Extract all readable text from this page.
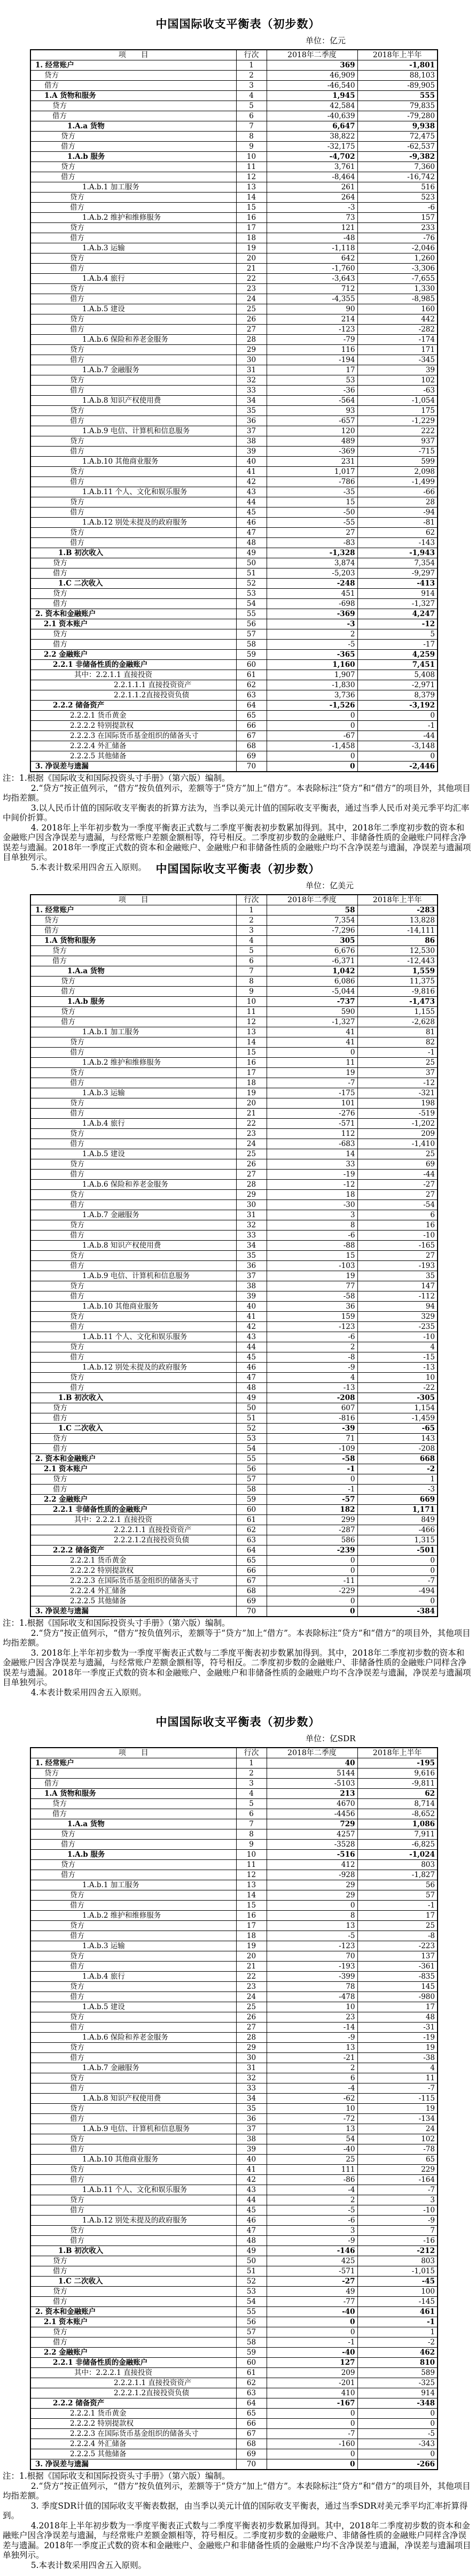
中国国际收支平衡表（初步数）
单位：亿元
项　　目	行次	2018年二季度	2018年上半年
1. 经常账户	1	369	-1,801
贷方	2	46,909	88,103
借方	3	-46,540	-89,905
1.A 货物和服务	4	1,945	555
贷方	5	42,584	79,835
借方	6	-40,639	-79,280
1.A.a 货物	7	6,647	9,938
贷方	8	38,822	72,475
借方	9	-32,175	-62,537
1.A.b 服务	10	-4,702	-9,382
贷方	11	3,761	7,360
借方	12	-8,464	-16,742
1.A.b.1 加工服务	13	261	516
贷方	14	264	523
借方	15	-3	-6
1.A.b.2 维护和维修服务	16	73	157
贷方	17	121	233
借方	18	-48	-76
1.A.b.3 运输	19	-1,118	-2,046
贷方	20	642	1,260
借方	21	-1,760	-3,306
1.A.b.4 旅行	22	-3,643	-7,655
贷方	23	712	1,330
借方	24	-4,355	-8,985
1.A.b.5 建设	25	90	160
贷方	26	214	442
借方	27	-123	-282
1.A.b.6 保险和养老金服务	28	-79	-174
贷方	29	116	171
借方	30	-194	-345
1.A.b.7 金融服务	31	17	39
贷方	32	53	102
借方	33	-36	-63
1.A.b.8 知识产权使用费	34	-564	-1,054
贷方	35	93	175
借方	36	-657	-1,229
1.A.b.9 电信、计算机和信息服务	37	120	222
贷方	38	489	937
借方	39	-369	-715
1.A.b.10 其他商业服务	40	231	599
贷方	41	1,017	2,098
借方	42	-786	-1,499
1.A.b.11 个人、文化和娱乐服务	43	-35	-66
贷方	44	15	28
借方	45	-50	-94
1.A.b.12 别处未提及的政府服务	46	-55	-81
贷方	47	27	62
借方	48	-83	-143
1.B 初次收入	49	-1,328	-1,943
贷方	50	3,874	7,354
借方	51	-5,203	-9,297
1.C 二次收入	52	-248	-413
贷方	53	451	914
借方	54	-698	-1,327
2. 资本和金融账户	55	-369	4,247
2.1 资本账户	56	-3	-12
贷方	57	2	5
借方	58	-5	-17
2.2 金融账户	59	-365	4,259
2.2.1 非储备性质的金融账户	60	1,160	7,451
其中：2.2.1.1 直接投资	61	1,907	5,408
2.2.1.1.1 直接投资资产	62	-1,830	-2,971
2.2.1.1.2直接投资负债	63	3,736	8,379
2.2.2 储备资产	64	-1,526	-3,192
2.2.2.1 货币黄金	65	0	0
2.2.2.2 特别提款权	66	0	-1
2.2.2.3 在国际货币基金组织的储备头寸	67	-67	-44
2.2.2.4 外汇储备	68	-1,458	-3,148
2.2.2.5 其他储备	69	0	0
3. 净误差与遗漏	70	0	-2,446

注：1.根据《国际收支和国际投资头寸手册》（第六版）编制。

2.“贷方”按正值列示，“借方”按负值列示，差额等于“贷方”加上“借方”。本表除标注“贷方”和“借方”的项目外，其他项目均指差额。

3.以人民币计值的国际收支平衡表的折算方法为，当季以美元计值的国际收支平衡表，通过当季人民币对美元季平均汇率中间价折算。

4. 2018年上半年初步数为一季度平衡表正式数与二季度平衡表初步数累加得到。其中，2018年二季度初步数的资本和金融账户因含净误差与遗漏，与经常账户差额金额相等，符号相反。二季度初步数的金融账户、非储备性质的金融账户同样含净误差与遗漏。2018年一季度正式数的资本和金融账户、金融账户和非储备性质的金融账户均不含净误差与遗漏，净误差与遗漏项目单独列示。

5.本表计数采用四舍五入原则。 中国国际收支平衡表（初步数）
单位：亿美元
项　　目	行次	2018年二季度	2018年上半年
1. 经常账户	1	58	-283
贷方	2	7,354	13,828
借方	3	-7,296	-14,111
1.A 货物和服务	4	305	86
贷方	5	6,676	12,530
借方	6	-6,371	-12,443
1.A.a 货物	7	1,042	1,559
贷方	8	6,086	11,375
借方	9	-5,044	-9,816
1.A.b 服务	10	-737	-1,473
贷方	11	590	1,155
借方	12	-1,327	-2,628
1.A.b.1 加工服务	13	41	81
贷方	14	41	82
借方	15	0	-1
1.A.b.2 维护和维修服务	16	11	25
贷方	17	19	37
借方	18	-7	-12
1.A.b.3 运输	19	-175	-321
贷方	20	101	198
借方	21	-276	-519
1.A.b.4 旅行	22	-571	-1,202
贷方	23	112	209
借方	24	-683	-1,410
1.A.b.5 建设	25	14	25
贷方	26	33	69
借方	27	-19	-44
1.A.b.6 保险和养老金服务	28	-12	-27
贷方	29	18	27
借方	30	-30	-54
1.A.b.7 金融服务	31	3	6
贷方	32	8	16
借方	33	-6	-10
1.A.b.8 知识产权使用费	34	-88	-165
贷方	35	15	27
借方	36	-103	-193
1.A.b.9 电信、计算机和信息服务	37	19	35
贷方	38	77	147
借方	39	-58	-112
1.A.b.10 其他商业服务	40	36	94
贷方	41	159	329
借方	42	-123	-235
1.A.b.11 个人、文化和娱乐服务	43	-6	-10
贷方	44	2	4
借方	45	-8	-15
1.A.b.12 别处未提及的政府服务	46	-9	-13
贷方	47	4	10
借方	48	-13	-22
1.B 初次收入	49	-208	-305
贷方	50	607	1,154
借方	51	-816	-1,459
1.C 二次收入	52	-39	-65
贷方	53	71	143
借方	54	-109	-208
2. 资本和金融账户	55	-58	668
2.1 资本账户	56	-1	-2
贷方	57	0	1
借方	58	-1	-3
2.2 金融账户	59	-57	669
2.2.1 非储备性质的金融账户	60	182	1,171
其中：2.2.2.1 直接投资	61	299	849
2.2.2.1.1 直接投资资产	62	-287	-466
2.2.2.1.2直接投资负债	63	586	1,315
2.2.2 储备资产	64	-239	-501
2.2.2.1 货币黄金	65	0	0
2.2.2.2 特别提款权	66	0	0
2.2.2.3 在国际货币基金组织的储备头寸	67	-11	-7
2.2.2.4 外汇储备	68	-229	-494
2.2.2.5 其他储备	69	0	0
3. 净误差与遗漏	70	0	-384

注：1.根据《国际收支和国际投资头寸手册》（第六版）编制。

2.“贷方”按正值列示，“借方”按负值列示，差额等于“贷方”加上“借方”。本表除标注“贷方”和“借方”的项目外，其他项目均指差额。

3. 2018年上半年初步数为一季度平衡表正式数与二季度平衡表初步数累加得到。其中，2018年二季度初步数的资本和金融账户因含净误差与遗漏，与经常账户差额金额相等，符号相反。二季度初步数的金融账户、非储备性质的金融账户同样含净误差与遗漏。2018年一季度正式数的资本和金融账户、金融账户和非储备性质的金融账户均不含净误差与遗漏，净误差与遗漏项目单独列示。

4.本表计数采用四舍五入原则。

中国国际收支平衡表（初步数）
单位：亿SDR
项　　目	行次	2018年二季度	2018年上半年
1. 经常账户	1	40	-195
贷方	2	5144	9,616
借方	3	-5103	-9,811
1.A 货物和服务	4	213	62
贷方	5	4670	8,714
借方	6	-4456	-8,652
1.A.a 货物	7	729	1,086
贷方	8	4257	7,911
借方	9	-3528	-6,825
1.A.b 服务	10	-516	-1,024
贷方	11	412	803
借方	12	-928	-1,827
1.A.b.1 加工服务	13	29	56
贷方	14	29	57
借方	15	0	-1
1.A.b.2 维护和维修服务	16	8	17
贷方	17	13	25
借方	18	-5	-8
1.A.b.3 运输	19	-123	-223
贷方	20	70	137
借方	21	-193	-361
1.A.b.4 旅行	22	-399	-835
贷方	23	78	145
借方	24	-478	-980
1.A.b.5 建设	25	10	17
贷方	26	23	48
借方	27	-14	-31
1.A.b.6 保险和养老金服务	28	-9	-19
贷方	29	13	19
借方	30	-21	-38
1.A.b.7 金融服务	31	2	4
贷方	32	6	11
借方	33	-4	-7
1.A.b.8 知识产权使用费	34	-62	-115
贷方	35	10	19
借方	36	-72	-134
1.A.b.9 电信、计算机和信息服务	37	13	24
贷方	38	54	102
借方	39	-40	-78
1.A.b.10 其他商业服务	40	25	65
贷方	41	111	229
借方	42	-86	-164
1.A.b.11 个人、文化和娱乐服务	43	-4	-7
贷方	44	2	3
借方	45	-5	-10
1.A.b.12 别处未提及的政府服务	46	-6	-9
贷方	47	3	7
借方	48	-9	-16
1.B 初次收入	49	-146	-212
贷方	50	425	803
借方	51	-571	-1,015
1.C 二次收入	52	-27	-45
贷方	53	49	100
借方	54	-77	-145
2. 资本和金融账户	55	-40	461
2.1 资本账户	56	0	-1
贷方	57	0	1
借方	58	-1	-2
2.2 金融账户	59	-40	462
2.2.1 非储备性质的金融账户	60	127	810
其中：2.2.2.1 直接投资	61	209	589
2.2.2.1.1 直接投资资产	62	-201	-325
2.2.2.1.2直接投资负债	63	410	914
2.2.2 储备资产	64	-167	-348
2.2.2.1 货币黄金	65	0	0
2.2.2.2 特别提款权	66	0	0
2.2.2.3 在国际货币基金组织的储备头寸	67	-7	-5
2.2.2.4 外汇储备	68	-160	-343
2.2.2.5 其他储备	69	0	0
3. 净误差与遗漏	70	0	-266

注：1.根据《国际收支和国际投资头寸手册》（第六版）编制。

2.“贷方”按正值列示，“借方”按负值列示，差额等于“贷方”加上“借方”。本表除标注“贷方”和“借方”的项目外，其他项目均指差额。

3. 季度SDR计值的国际收支平衡表数据，由当季以美元计值的国际收支平衡表，通过当季SDR对美元季平均汇率折算得到。

4.2018年上半年初步数为一季度平衡表正式数与二季度平衡表初步数累加得到。其中，2018年二季度初步数的资本和金融账户因含净误差与遗漏，与经常账户差额金额相等，符号相反。二季度初步数的金融账户、非储备性质的金融账户同样含净误差与遗漏。2018年一季度正式数的资本和金融账户、金融账户和非储备性质的金融账户均不含净误差与遗漏，净误差与遗漏项目单独列示。

5.本表计数采用四舍五入原则。
